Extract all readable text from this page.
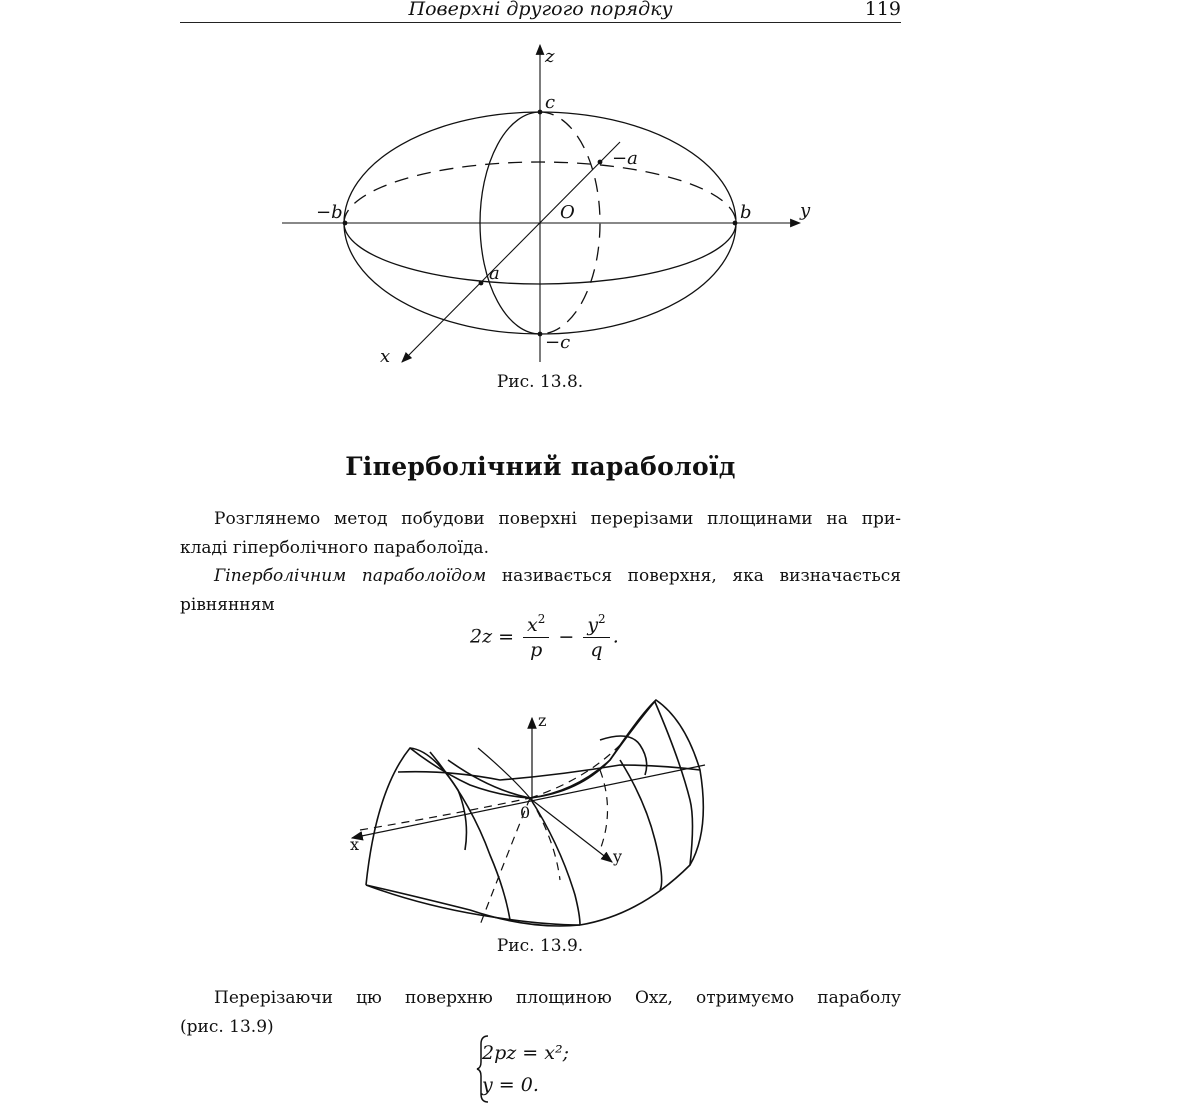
Поверхні другого порядку	119
z
c
−a
−b	O	b	y
a
−c
x
Рис. 13.8.
Гіперболічний параболоїд
Розглянемо метод побудови поверхні перерізами площинами на при-
кладі гіперболічного параболоїда.
Гіперболічним параболоїдом називається поверхня, яка визначається
рівнянням
$2z = \frac{x^2}{p} - \frac{y^2}{q}$ .
z
x
y
0
Рис. 13.9.
Перерізаючи цю поверхню площиною Oxz, отримуємо параболу
(рис. 13.9)
2pz = x²;
y = 0.
